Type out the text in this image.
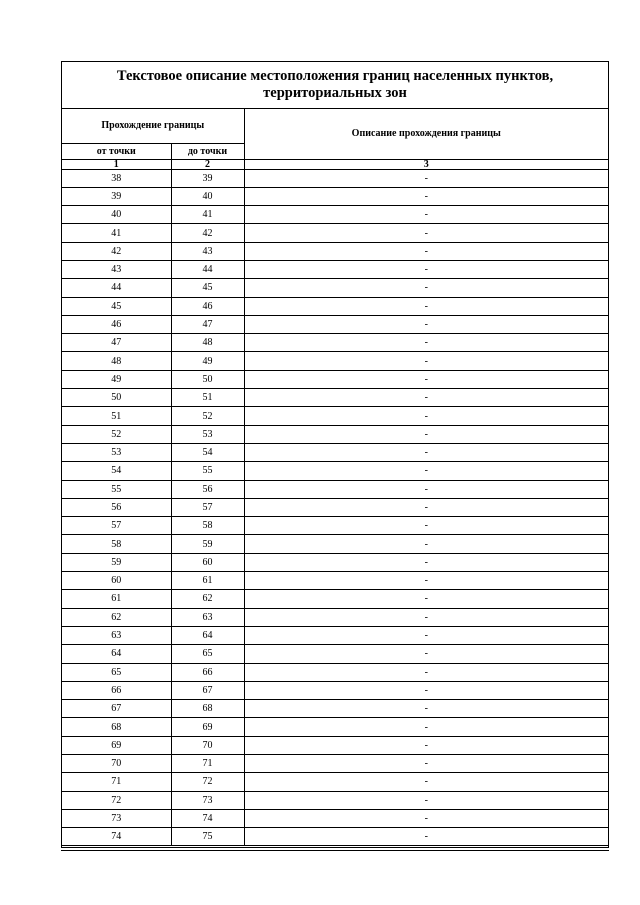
Текстовое описание местоположения границ населенных пунктов,
территориальных зон
Прохождение границы		Описание прохождения границы
от точки	до точки	
1	2	3
38	39	-
39	40	-
40	41	-
41	42	-
42	43	-
43	44	-
44	45	-
45	46	-
46	47	-
47	48	-
48	49	-
49	50	-
50	51	-
51	52	-
52	53	-
53	54	-
54	55	-
55	56	-
56	57	-
57	58	-
58	59	-
59	60	-
60	61	-
61	62	-
62	63	-
63	64	-
64	65	-
65	66	-
66	67	-
67	68	-
68	69	-
69	70	-
70	71	-
71	72	-
72	73	-
73	74	-
74	75	-
